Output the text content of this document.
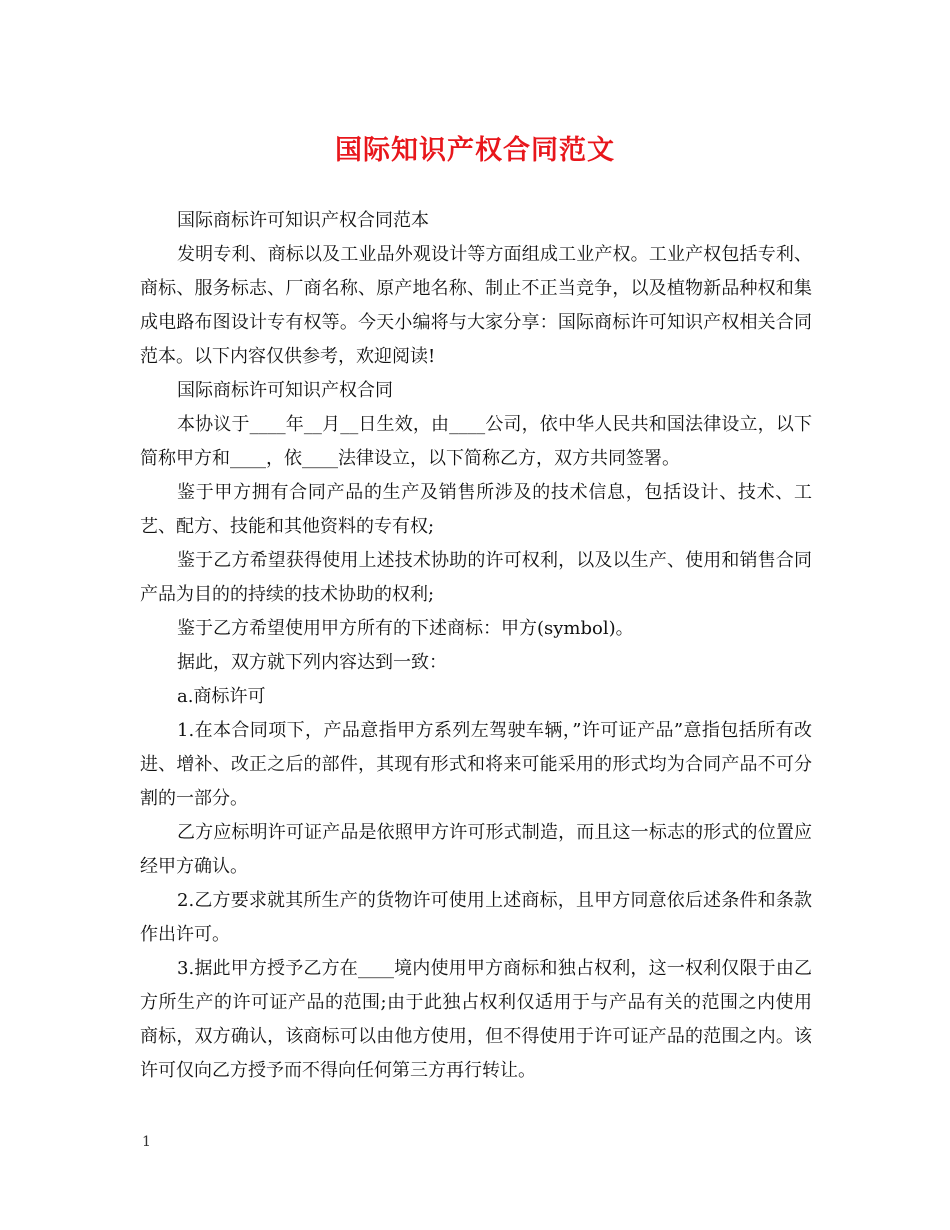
国际知识产权合同范文

国际商标许可知识产权合同范本

发明专利、商标以及工业品外观设计等方面组成工业产权。工业产权包括专利、商标、服务标志、厂商名称、原产地名称、制止不正当竞争，以及植物新品种权和集成电路布图设计专有权等。今天小编将与大家分享：国际商标许可知识产权相关合同范本。以下内容仅供参考，欢迎阅读!

国际商标许可知识产权合同

本协议于____年__月__日生效，由____公司，依中华人民共和国法律设立，以下简称甲方和____，依____法律设立，以下简称乙方，双方共同签署。

鉴于甲方拥有合同产品的生产及销售所涉及的技术信息，包括设计、技术、工艺、配方、技能和其他资料的专有权;

鉴于乙方希望获得使用上述技术协助的许可权利，以及以生产、使用和销售合同产品为目的的持续的技术协助的权利;

鉴于乙方希望使用甲方所有的下述商标：甲方(symbol)。

据此，双方就下列内容达到一致：

a.商标许可

1.在本合同项下，产品意指甲方系列左驾驶车辆，”许可证产品”意指包括所有改进、增补、改正之后的部件，其现有形式和将来可能采用的形式均为合同产品不可分割的一部分。

乙方应标明许可证产品是依照甲方许可形式制造，而且这一标志的形式的位置应经甲方确认。

2.乙方要求就其所生产的货物许可使用上述商标，且甲方同意依后述条件和条款作出许可。

3.据此甲方授予乙方在____境内使用甲方商标和独占权利，这一权利仅限于由乙方所生产的许可证产品的范围;由于此独占权利仅适用于与产品有关的范围之内使用商标，双方确认，该商标可以由他方使用，但不得使用于许可证产品的范围之内。该许可仅向乙方授予而不得向任何第三方再行转让。

1
